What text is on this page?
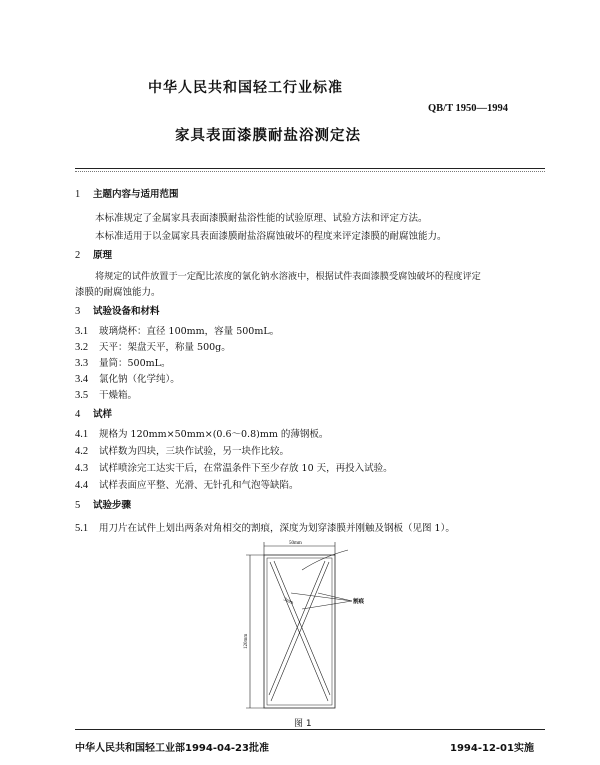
中华人民共和国轻工行业标准
QB/T 1950—1994
家具表面漆膜耐盐浴测定法
1 主题内容与适用范围
本标准规定了金属家具表面漆膜耐盐浴性能的试验原理、试验方法和评定方法。
本标准适用于以金属家具表面漆膜耐盐浴腐蚀破坏的程度来评定漆膜的耐腐蚀能力。
2 原理
将规定的试件放置于一定配比浓度的氯化钠水溶液中，根据试件表面漆膜受腐蚀破坏的程度评定
漆膜的耐腐蚀能力。
3 试验设备和材料
3.1 玻璃烧杯：直径 100mm，容量 500mL。
3.2 天平：架盘天平，称量 500g。
3.3 量筒：500mL。
3.4 氯化钠（化学纯）。
3.5 干燥箱。
4 试样
4.1 规格为 120mm×50mm×(0.6～0.8)mm 的薄钢板。
4.2 试样数为四块，三块作试验，另一块作比较。
4.3 试样喷涂完工达实干后，在常温条件下至少存放 10 天，再投入试验。
4.4 试样表面应平整、光滑、无针孔和气泡等缺陷。
5 试验步骤
5.1 用刀片在试件上划出两条对角相交的割痕，深度为划穿漆膜并刚触及钢板（见图 1）。
50mm
120mm
3mm	割痕
图 1
中华人民共和国轻工业部1994-04-23批准	1994-12-01实施
